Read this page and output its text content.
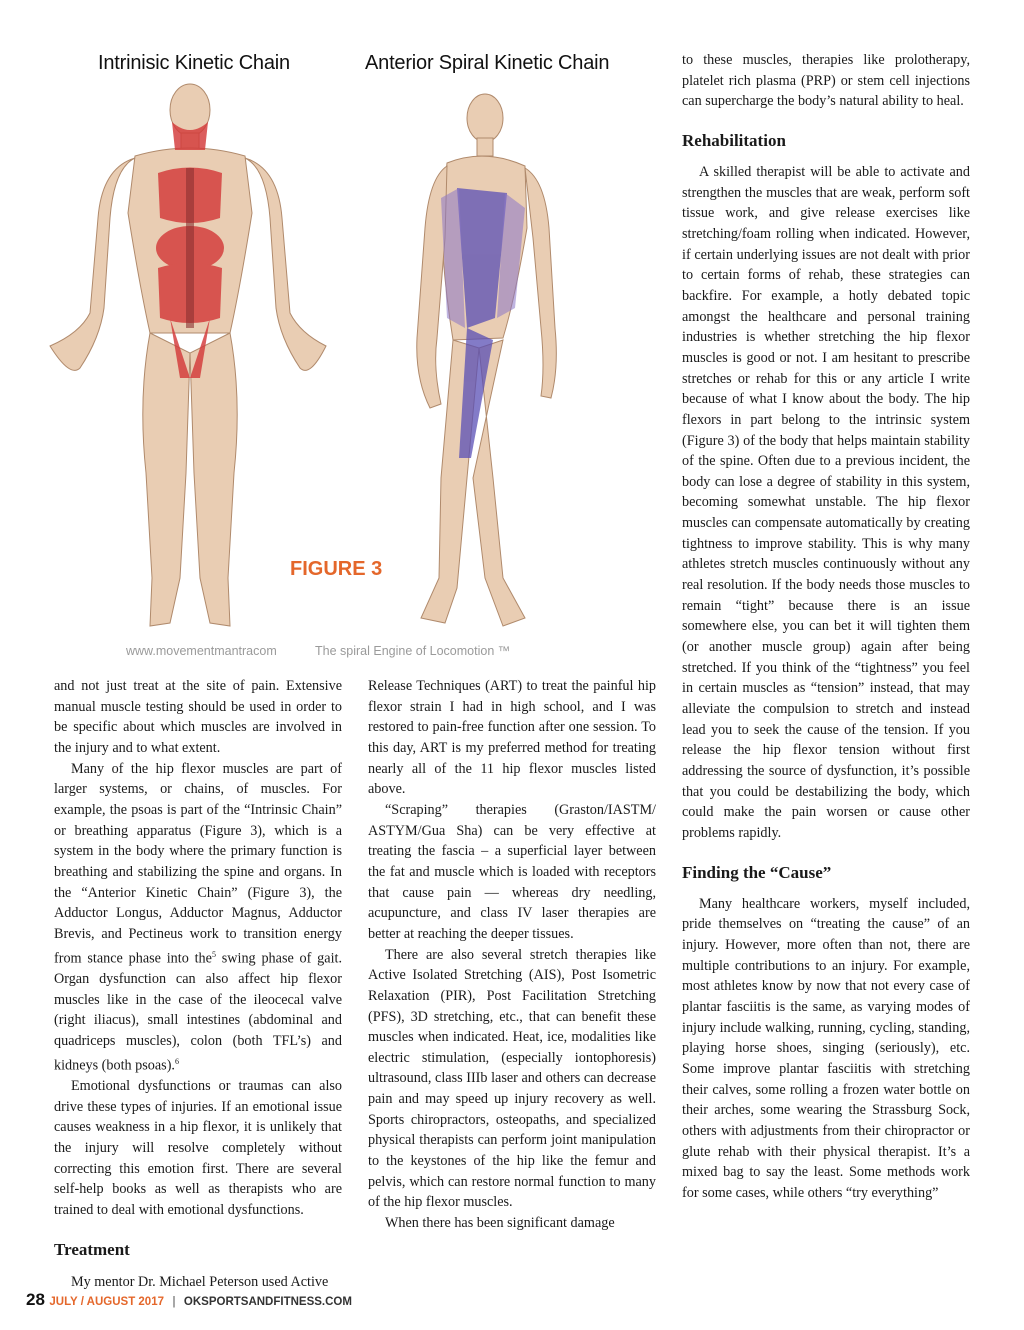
Intrinisic Kinetic Chain	Anterior Spiral Kinetic Chain
FIGURE 3
www.movementmantracom	The spiral Engine of Locomotion ™

and not just treat at the site of pain. Extensive manual muscle testing should be used in order to be specific about which muscles are involved in the injury and to what extent.

Many of the hip flexor muscles are part of larger systems, or chains, of muscles. For example, the psoas is part of the “Intrinsic Chain” or breathing apparatus (Figure 3), which is a system in the body where the primary function is breathing and stabilizing the spine and organs. In the “Anterior Kinetic Chain” (Figure 3), the Adductor Longus, Adductor Magnus, Adductor Brevis, and Pectineus work to transition energy from stance phase into the$^5$ swing phase of gait. Organ dysfunction can also affect hip flexor muscles like in the case of the ileocecal valve (right iliacus), small intestines (abdominal and quadriceps muscles), colon (both TFL’s) and kidneys (both psoas).$^6$

Emotional dysfunctions or traumas can also drive these types of injuries. If an emotional issue causes weakness in a hip flexor, it is unlikely that the injury will resolve completely without correcting this emotion first. There are several self-help books as well as therapists who are trained to deal with emotional dysfunctions.

Treatment

My mentor Dr. Michael Peterson used Active

Release Techniques (ART) to treat the painful hip flexor strain I had in high school, and I was restored to pain-free function after one session. To this day, ART is my preferred method for treating nearly all of the 11 hip flexor muscles listed above.

“Scraping” therapies (Graston/IASTM/ ASTYM/Gua Sha) can be very effective at treating the fascia – a superficial layer between the fat and muscle which is loaded with receptors that cause pain — whereas dry needling, acupuncture, and class IV laser therapies are better at reaching the deeper tissues.

There are also several stretch therapies like Active Isolated Stretching (AIS), Post Isometric Relaxation (PIR), Post Facilitation Stretching (PFS), 3D stretching, etc., that can benefit these muscles when indicated. Heat, ice, modalities like electric stimulation, (especially iontophoresis) ultrasound, class IIIb laser and others can decrease pain and may speed up injury recovery as well. Sports chiropractors, osteopaths, and specialized physical therapists can perform joint manipulation to the keystones of the hip like the femur and pelvis, which can restore normal function to many of the hip flexor muscles.

When there has been significant damage

to these muscles, therapies like prolotherapy, platelet rich plasma (PRP) or stem cell injections can supercharge the body’s natural ability to heal.

Rehabilitation

A skilled therapist will be able to activate and strengthen the muscles that are weak, perform soft tissue work, and give release exercises like stretching/foam rolling when indicated. However, if certain underlying issues are not dealt with prior to certain forms of rehab, these strategies can backfire. For example, a hotly debated topic amongst the healthcare and personal training industries is whether stretching the hip flexor muscles is good or not. I am hesitant to prescribe stretches or rehab for this or any article I write because of what I know about the body. The hip flexors in part belong to the intrinsic system (Figure 3) of the body that helps maintain stability of the spine. Often due to a previous incident, the body can lose a degree of stability in this system, becoming somewhat unstable. The hip flexor muscles can compensate automatically by creating tightness to improve stability. This is why many athletes stretch muscles continuously without any real resolution. If the body needs those muscles to remain “tight” because there is an issue somewhere else, you can bet it will tighten them (or another muscle group) again after being stretched. If you think of the “tightness” you feel in certain muscles as “tension” instead, that may alleviate the compulsion to stretch and instead lead you to seek the cause of the tension. If you release the hip flexor tension without first addressing the source of dysfunction, it’s possible that you could be destabilizing the body, which could make the pain worsen or cause other problems rapidly.

Finding the “Cause”

Many healthcare workers, myself included, pride themselves on “treating the cause” of an injury. However, more often than not, there are multiple contributions to an injury. For example, most athletes know by now that not every case of plantar fasciitis is the same, as varying modes of injury include walking, running, cycling, standing, playing horse shoes, singing (seriously), etc. Some improve plantar fasciitis with stretching their calves, some rolling a frozen water bottle on their arches, some wearing the Strassburg Sock, others with adjustments from their chiropractor or glute rehab with their physical therapist. It’s a mixed bag to say the least. Some methods work for some cases, while others “try everything”

28 JULY / AUGUST 2017 | OKSPORTSANDFITNESS.COM
